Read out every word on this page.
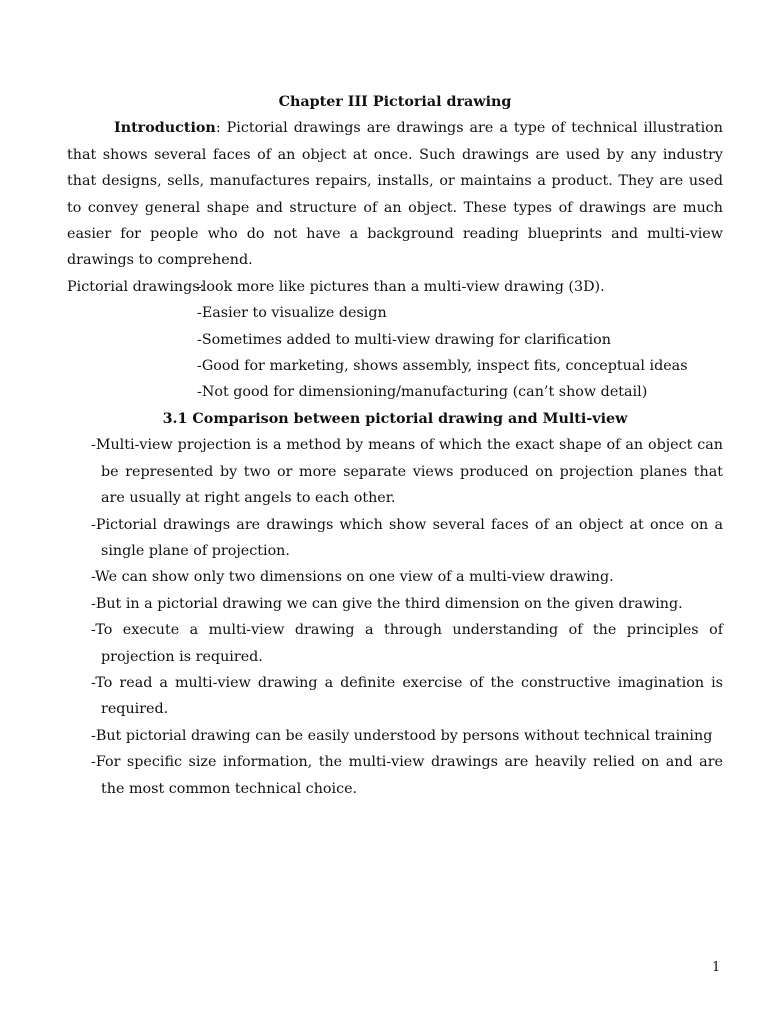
Chapter III Pictorial drawing

Introduction: Pictorial drawings are drawings are a type of technical illustration that shows several faces of an object at once. Such drawings are used by any industry that designs, sells, manufactures repairs, installs, or maintains a product. They are used to convey general shape and structure of an object. These types of drawings are much easier for people who do not have a background reading blueprints and multi-view drawings to comprehend.

Pictorial drawings:
-look more like pictures than a multi-view drawing (3D).
-Easier to visualize design
-Sometimes added to multi-view drawing for clarification
-Good for marketing, shows assembly, inspect fits, conceptual ideas
-Not good for dimensioning/manufacturing (can’t show detail)

3.1 Comparison between pictorial drawing and Multi-view

-Multi-view projection is a method by means of which the exact shape of an object can be represented by two or more separate views produced on projection planes that are usually at right angels to each other.
-Pictorial drawings are drawings which show several faces of an object at once on a single plane of projection.
-We can show only two dimensions on one view of a multi-view drawing.
-But in a pictorial drawing we can give the third dimension on the given drawing.
-To execute a multi-view drawing a through understanding of the principles of projection is required.
-To read a multi-view drawing a definite exercise of the constructive imagination is required.
-But pictorial drawing can be easily understood by persons without technical training
-For specific size information, the multi-view drawings are heavily relied on and are the most common technical choice.
1
